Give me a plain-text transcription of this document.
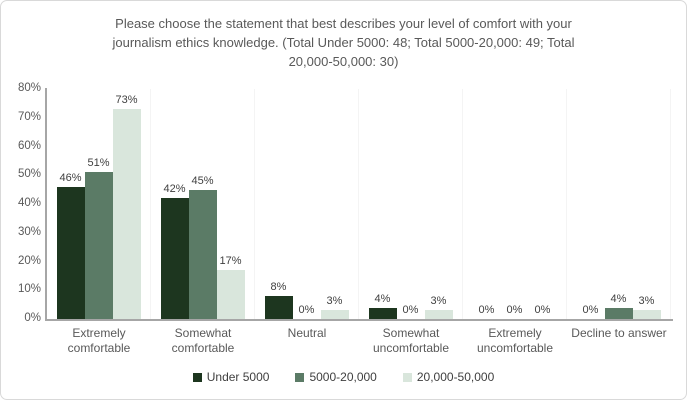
Please choose the statement that best describes your level of comfort with your
journalism ethics knowledge. (Total Under 5000: 48; Total 5000-20,000: 49; Total
20,000-50,000: 30)
0%
10%
20%
30%
40%
50%
60%
70%
80%
46%
51%
73%
42%
45%
17%
8%
0%
3%	4%
0%
3%
0% 0% 0%	0%
4% 3%
Extremely comfortable
Somewhat comfortable
Neutral	Somewhat uncomfortable
Extremely uncomfortable
Decline to answer
Under 5000	5000-20,000	20,000-50,000
